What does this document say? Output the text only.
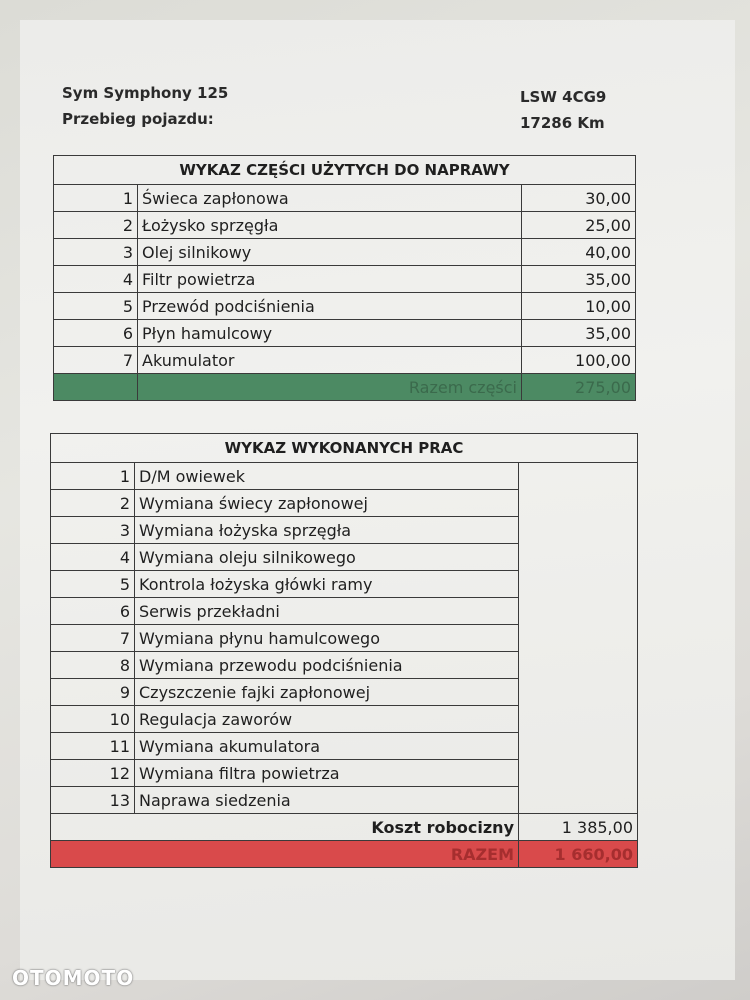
Sym Symphony 125
Przebieg pojazdu:
LSW 4CG9
17286 Km
WYKAZ CZĘŚCI UŻYTYCH DO NAPRAWY		
1	Świeca zapłonowa	30,00
2	Łożysko sprzęgła	25,00
3	Olej silnikowy	40,00
4	Filtr powietrza	35,00
5	Przewód podciśnienia	10,00
6	Płyn hamulcowy	35,00
7	Akumulator	100,00
	Razem części	275,00
WYKAZ WYKONANYCH PRAC		
1	D/M owiewek	
2	Wymiana świecy zapłonowej	
3	Wymiana łożyska sprzęgła	
4	Wymiana oleju silnikowego	
5	Kontrola łożyska główki ramy	
6	Serwis przekładni	
7	Wymiana płynu hamulcowego	
8	Wymiana przewodu podciśnienia	
9	Czyszczenie fajki zapłonowej	
10	Regulacja zaworów	
11	Wymiana akumulatora	
12	Wymiana filtra powietrza	
13	Naprawa siedzenia	
Koszt robocizny		1 385,00
RAZEM		1 660,00
OTOMOTO
